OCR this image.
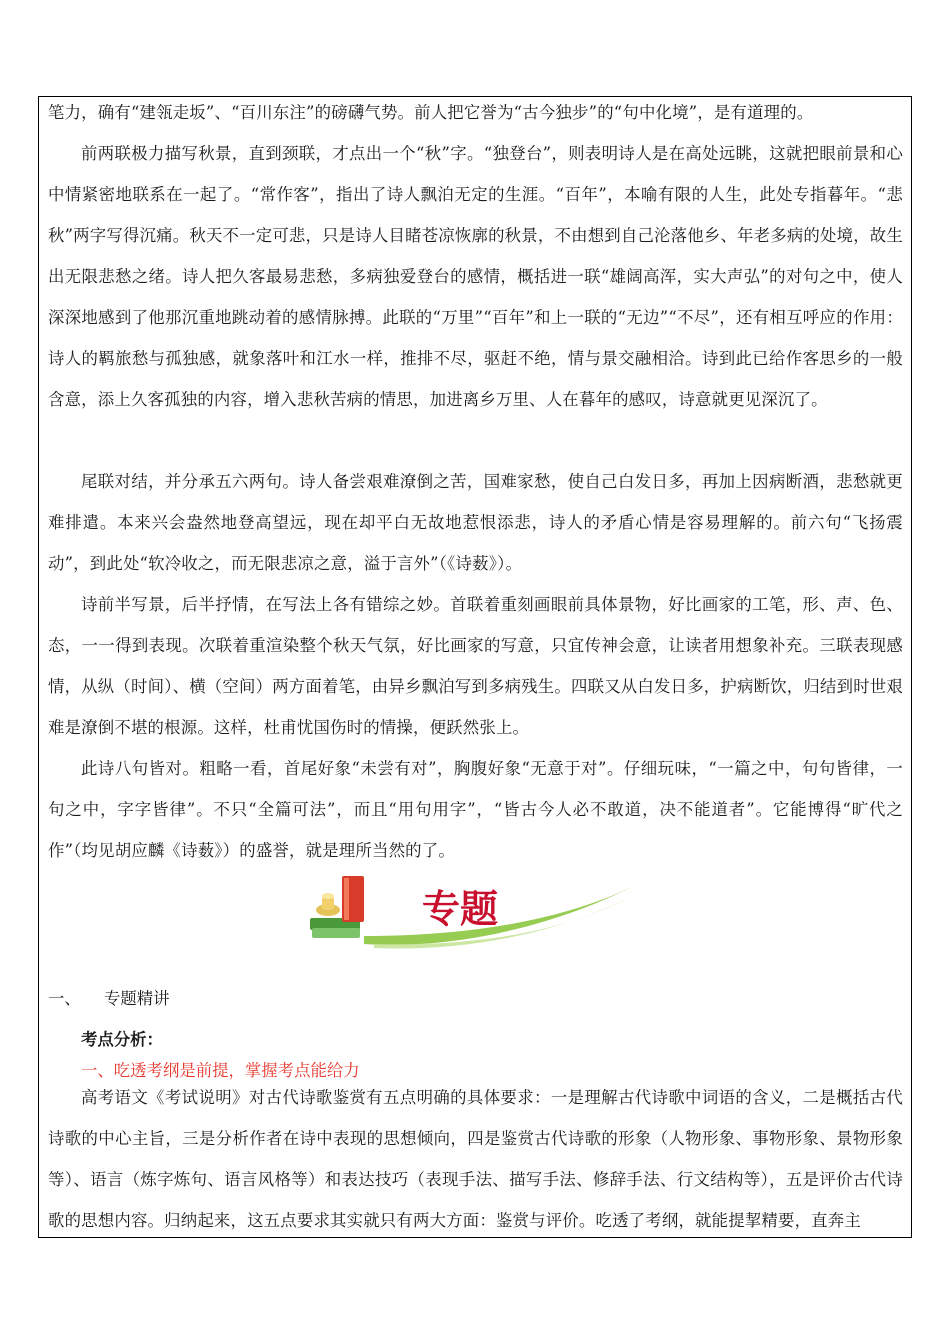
笔力，确有“建瓴走坂”、“百川东注”的磅礴气势。前人把它誉为“古今独步”的“句中化境”，是有道理的。

前两联极力描写秋景，直到颈联，才点出一个“秋”字。“独登台”，则表明诗人是在高处远眺，这就把眼前景和心中情紧密地联系在一起了。“常作客”，指出了诗人飘泊无定的生涯。“百年”，本喻有限的人生，此处专指暮年。“悲秋”两字写得沉痛。秋天不一定可悲，只是诗人目睹苍凉恢廓的秋景，不由想到自己沦落他乡、年老多病的处境，故生出无限悲愁之绪。诗人把久客最易悲愁，多病独爱登台的感情，概括进一联“雄阔高浑，实大声弘”的对句之中，使人深深地感到了他那沉重地跳动着的感情脉搏。此联的“万里”“百年”和上一联的“无边”“不尽”，还有相互呼应的作用：诗人的羁旅愁与孤独感，就象落叶和江水一样，推排不尽，驱赶不绝，情与景交融相洽。诗到此已给作客思乡的一般含意，添上久客孤独的内容，增入悲秋苦病的情思，加进离乡万里、人在暮年的感叹，诗意就更见深沉了。

尾联对结，并分承五六两句。诗人备尝艰难潦倒之苦，国难家愁，使自己白发日多，再加上因病断酒，悲愁就更难排遣。本来兴会盎然地登高望远，现在却平白无故地惹恨添悲，诗人的矛盾心情是容易理解的。前六句“飞扬震动”，到此处“软冷收之，而无限悲凉之意，溢于言外”（《诗薮》）。

诗前半写景，后半抒情，在写法上各有错综之妙。首联着重刻画眼前具体景物，好比画家的工笔，形、声、色、态，一一得到表现。次联着重渲染整个秋天气氛，好比画家的写意，只宜传神会意，让读者用想象补充。三联表现感情，从纵（时间）、横（空间）两方面着笔，由异乡飘泊写到多病残生。四联又从白发日多，护病断饮，归结到时世艰难是潦倒不堪的根源。这样，杜甫忧国伤时的情操，便跃然张上。

此诗八句皆对。粗略一看，首尾好象“未尝有对”，胸腹好象“无意于对”。仔细玩味，“一篇之中，句句皆律，一句之中，字字皆律”。不只“全篇可法”，而且“用句用字”，“皆古今人必不敢道，决不能道者”。它能博得“旷代之作”（均见胡应麟《诗薮》）的盛誉，就是理所当然的了。

专题
一、 专题精讲
考点分析：
一、吃透考纲是前提，掌握考点能给力

高考语文《考试说明》对古代诗歌鉴赏有五点明确的具体要求：一是理解古代诗歌中词语的含义，二是概括古代诗歌的中心主旨，三是分析作者在诗中表现的思想倾向，四是鉴赏古代诗歌的形象（人物形象、事物形象、景物形象等）、语言（炼字炼句、语言风格等）和表达技巧（表现手法、描写手法、修辞手法、行文结构等），五是评价古代诗歌的思想内容。归纳起来，这五点要求其实就只有两大方面：鉴赏与评价。吃透了考纲，就能提挈精要，直奔主
